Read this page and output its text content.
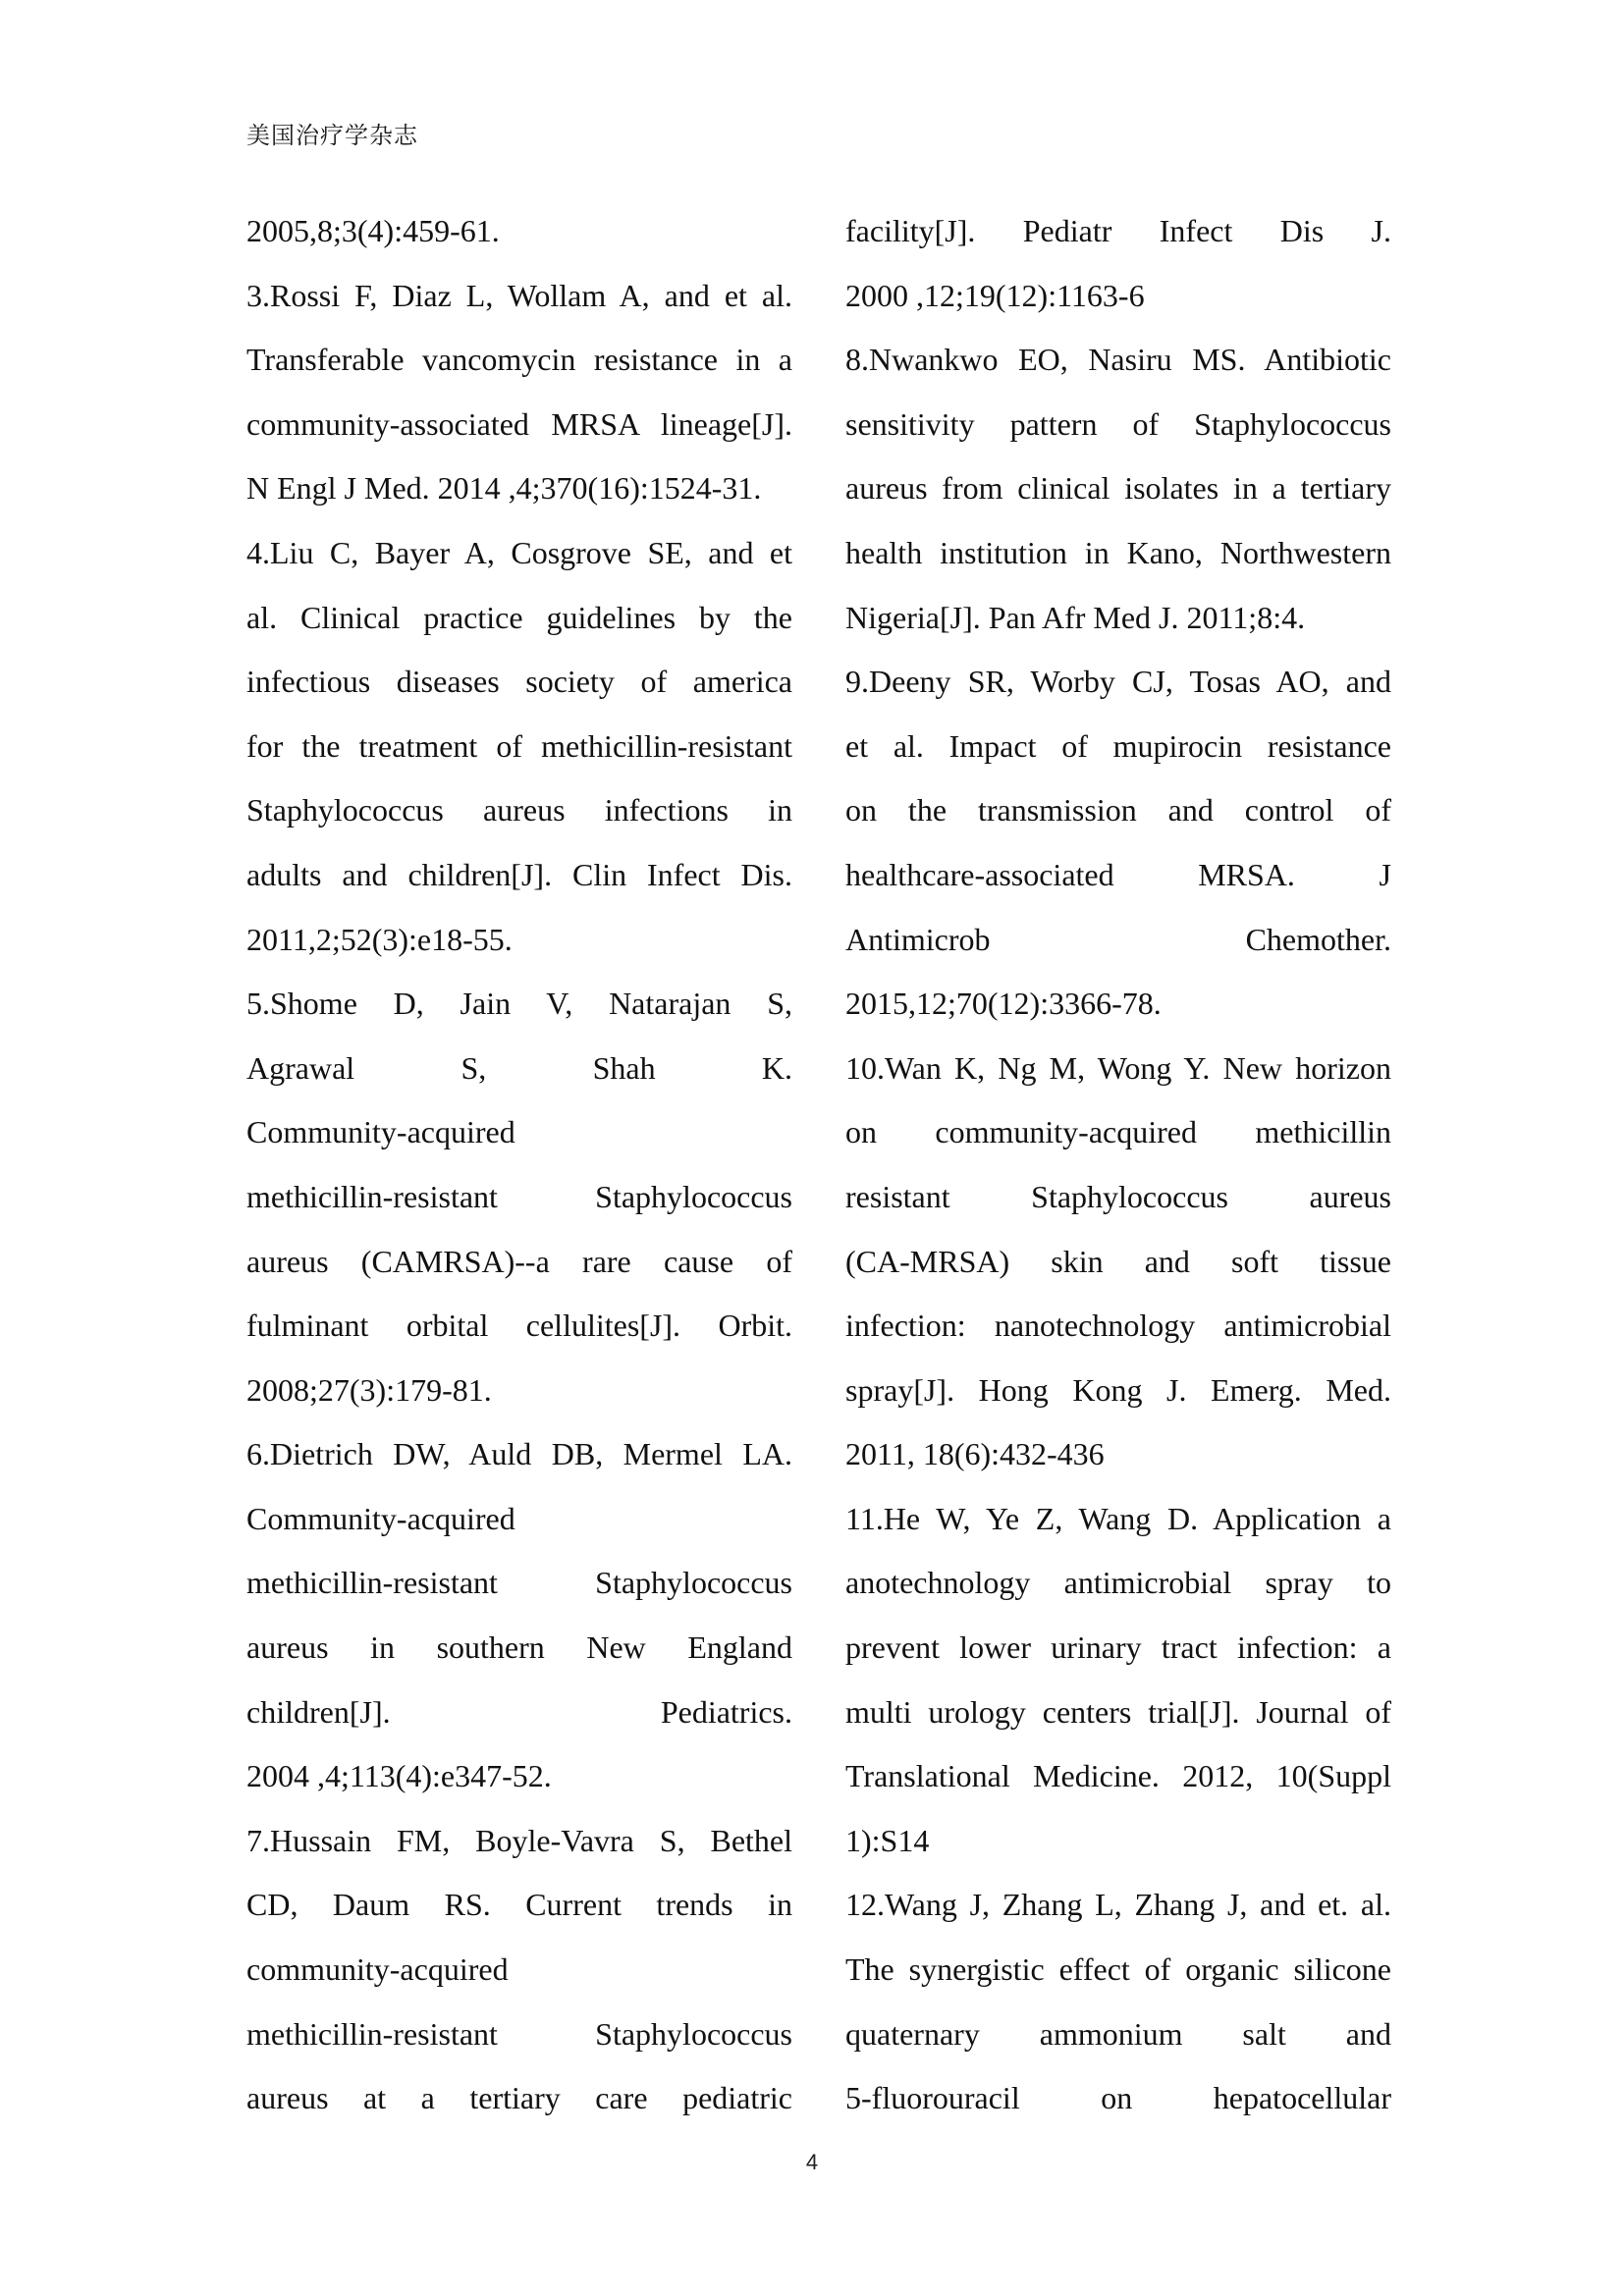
美国治疗学杂志
2005,8;3(4):459-61.
3.Rossi F, Diaz L, Wollam A, and et al.
Transferable vancomycin resistance in a
community-associated MRSA lineage[J].
N Engl J Med. 2014 ,4;370(16):1524-31.
4.Liu C, Bayer A, Cosgrove SE, and et
al. Clinical practice guidelines by the
infectious diseases society of america
for the treatment of methicillin-resistant
Staphylococcus aureus infections in
adults and children[J]. Clin Infect Dis.
2011,2;52(3):e18-55.
5.Shome D, Jain V, Natarajan S,
Agrawal S, Shah K.
Community-acquired
methicillin-resistant Staphylococcus
aureus (CAMRSA)--a rare cause of
fulminant orbital cellulites[J]. Orbit.
2008;27(3):179-81.
6.Dietrich DW, Auld DB, Mermel LA.
Community-acquired
methicillin-resistant Staphylococcus
aureus in southern New England
children[J]. Pediatrics.
2004 ,4;113(4):e347-52.
7.Hussain FM, Boyle-Vavra S, Bethel
CD, Daum RS. Current trends in
community-acquired
methicillin-resistant Staphylococcus
aureus at a tertiary care pediatric
facility[J]. Pediatr Infect Dis J.
2000 ,12;19(12):1163-6
8.Nwankwo EO, Nasiru MS. Antibiotic
sensitivity pattern of Staphylococcus
aureus from clinical isolates in a tertiary
health institution in Kano, Northwestern
Nigeria[J]. Pan Afr Med J. 2011;8:4.
9.Deeny SR, Worby CJ, Tosas AO, and
et al. Impact of mupirocin resistance
on the transmission and control of
healthcare-associated MRSA. J
Antimicrob Chemother.
2015,12;70(12):3366-78.
10.Wan K, Ng M, Wong Y. New horizon
on community-acquired methicillin
resistant Staphylococcus aureus
(CA-MRSA) skin and soft tissue
infection: nanotechnology antimicrobial
spray[J]. Hong Kong J. Emerg. Med.
2011, 18(6):432-436
11.He W, Ye Z, Wang D. Application a
anotechnology antimicrobial spray to
prevent lower urinary tract infection: a
multi urology centers trial[J]. Journal of
Translational Medicine. 2012, 10(Suppl
1):S14
12.Wang J, Zhang L, Zhang J, and et. al.
The synergistic effect of organic silicone
quaternary ammonium salt and
5-fluorouracil on hepatocellular
4
